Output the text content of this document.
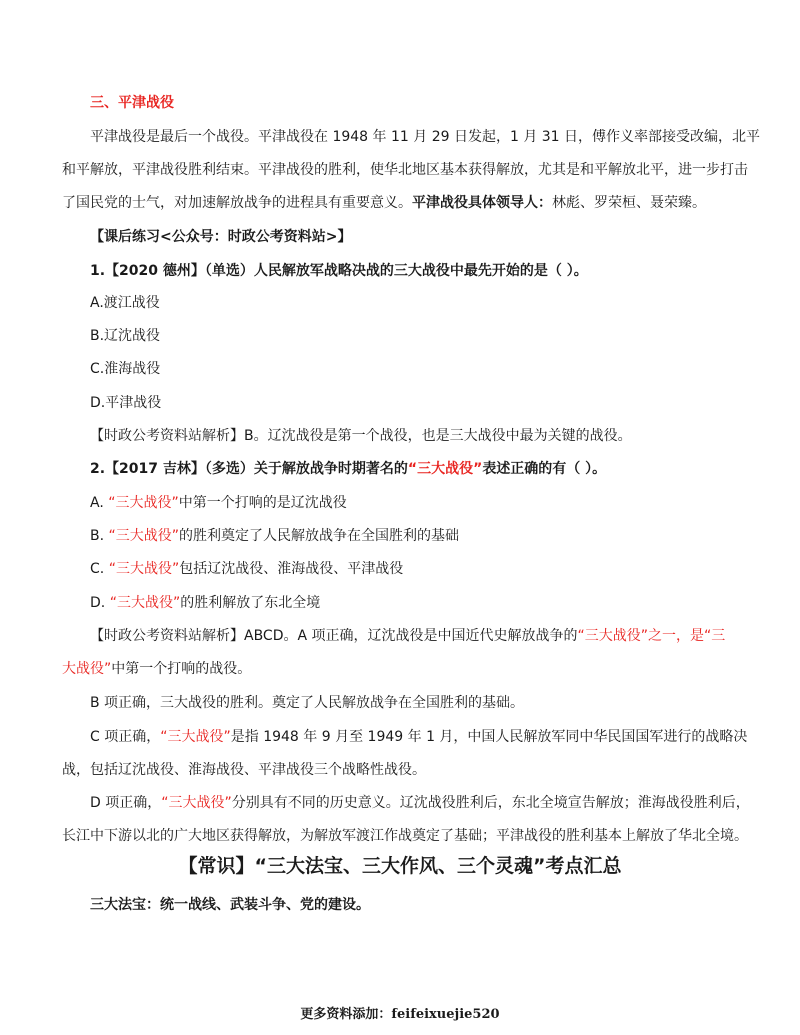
三、平津战役
平津战役是最后一个战役。平津战役在 1948 年 11 月 29 日发起，1 月 31 日，傅作义率部接受改编，北平
和平解放，平津战役胜利结束。平津战役的胜利，使华北地区基本获得解放，尤其是和平解放北平，进一步打击
了国民党的士气，对加速解放战争的进程具有重要意义。平津战役具体领导人：林彪、罗荣桓、聂荣臻。
【课后练习<公众号：时政公考资料站>】
1.【2020 德州】（单选）人民解放军战略决战的三大战役中最先开始的是（ ）。
A.渡江战役
B.辽沈战役
C.淮海战役
D.平津战役
【时政公考资料站解析】B。辽沈战役是第一个战役，也是三大战役中最为关键的战役。
2.【2017 吉林】（多选）关于解放战争时期著名的“三大战役”表述正确的有（ ）。
A. “三大战役”中第一个打响的是辽沈战役
B. “三大战役”的胜利奠定了人民解放战争在全国胜利的基础
C. “三大战役”包括辽沈战役、淮海战役、平津战役
D. “三大战役”的胜利解放了东北全境
【时政公考资料站解析】ABCD。A 项正确，辽沈战役是中国近代史解放战争的“三大战役”之一，是“三
大战役”中第一个打响的战役。
B 项正确，三大战役的胜利。奠定了人民解放战争在全国胜利的基础。
C 项正确，“三大战役”是指 1948 年 9 月至 1949 年 1 月，中国人民解放军同中华民国国军进行的战略决
战，包括辽沈战役、淮海战役、平津战役三个战略性战役。
D 项正确，“三大战役”分别具有不同的历史意义。辽沈战役胜利后，东北全境宣告解放；淮海战役胜利后，
长江中下游以北的广大地区获得解放，为解放军渡江作战奠定了基础；平津战役的胜利基本上解放了华北全境。
【常识】“三大法宝、三大作风、三个灵魂”考点汇总
三大法宝：统一战线、武装斗争、党的建设。
更多资料添加：feifeixuejie520
